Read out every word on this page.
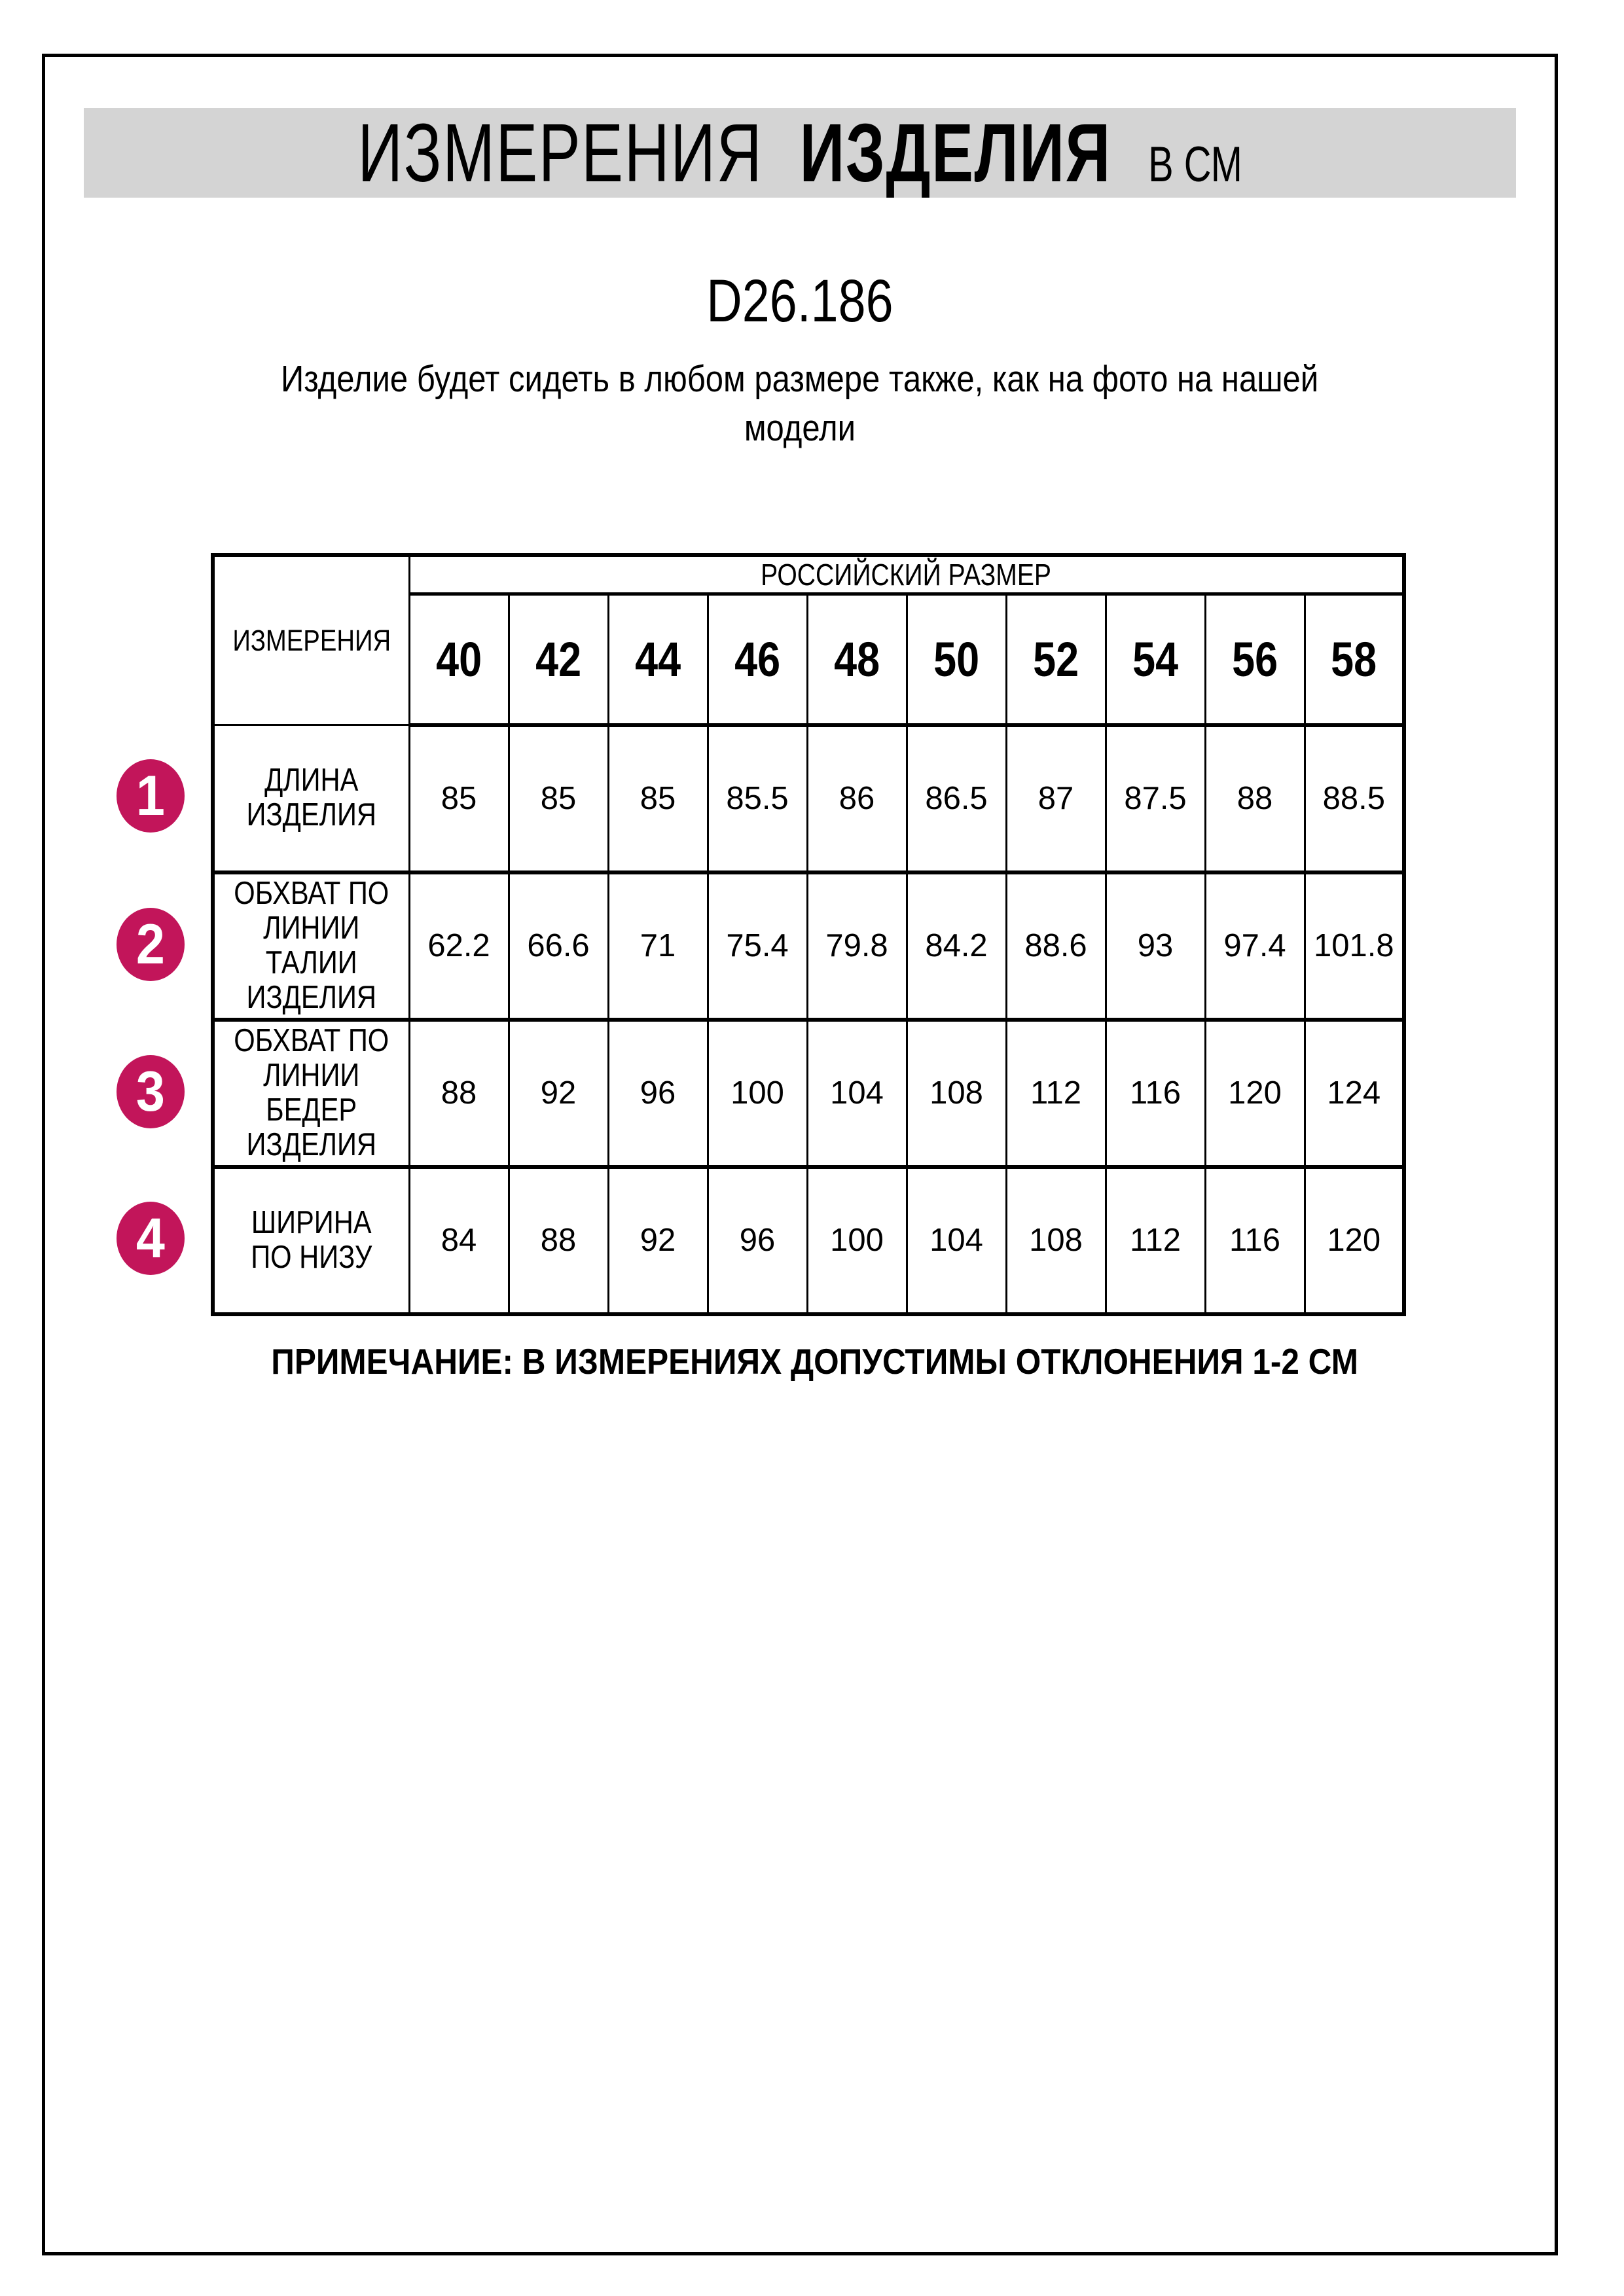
ИЗМЕРЕНИЯ ИЗДЕЛИЯ В СМ
D26.186
Изделие будет сидеть в любом размере также, как на фото на нашей
модели
ИЗМЕРЕНИЯ	РОССИЙСКИЙ РАЗМЕР									
	40	42	44	46	48	50	52	54	56	58
ДЛИНА ИЗДЕЛИЯ	85	85	85	85.5	86	86.5	87	87.5	88	88.5
ОБХВАТ ПО ЛИНИИ ТАЛИИ ИЗДЕЛИЯ	62.2	66.6	71	75.4	79.8	84.2	88.6	93	97.4	101.8
ОБХВАТ ПО ЛИНИИ БЕДЕР ИЗДЕЛИЯ	88	92	96	100	104	108	112	116	120	124
ШИРИНА ПО НИЗУ	84	88	92	96	100	104	108	112	116	120
1
2
3
4
ПРИМЕЧАНИЕ: В ИЗМЕРЕНИЯХ ДОПУСТИМЫ ОТКЛОНЕНИЯ 1-2 СМ
